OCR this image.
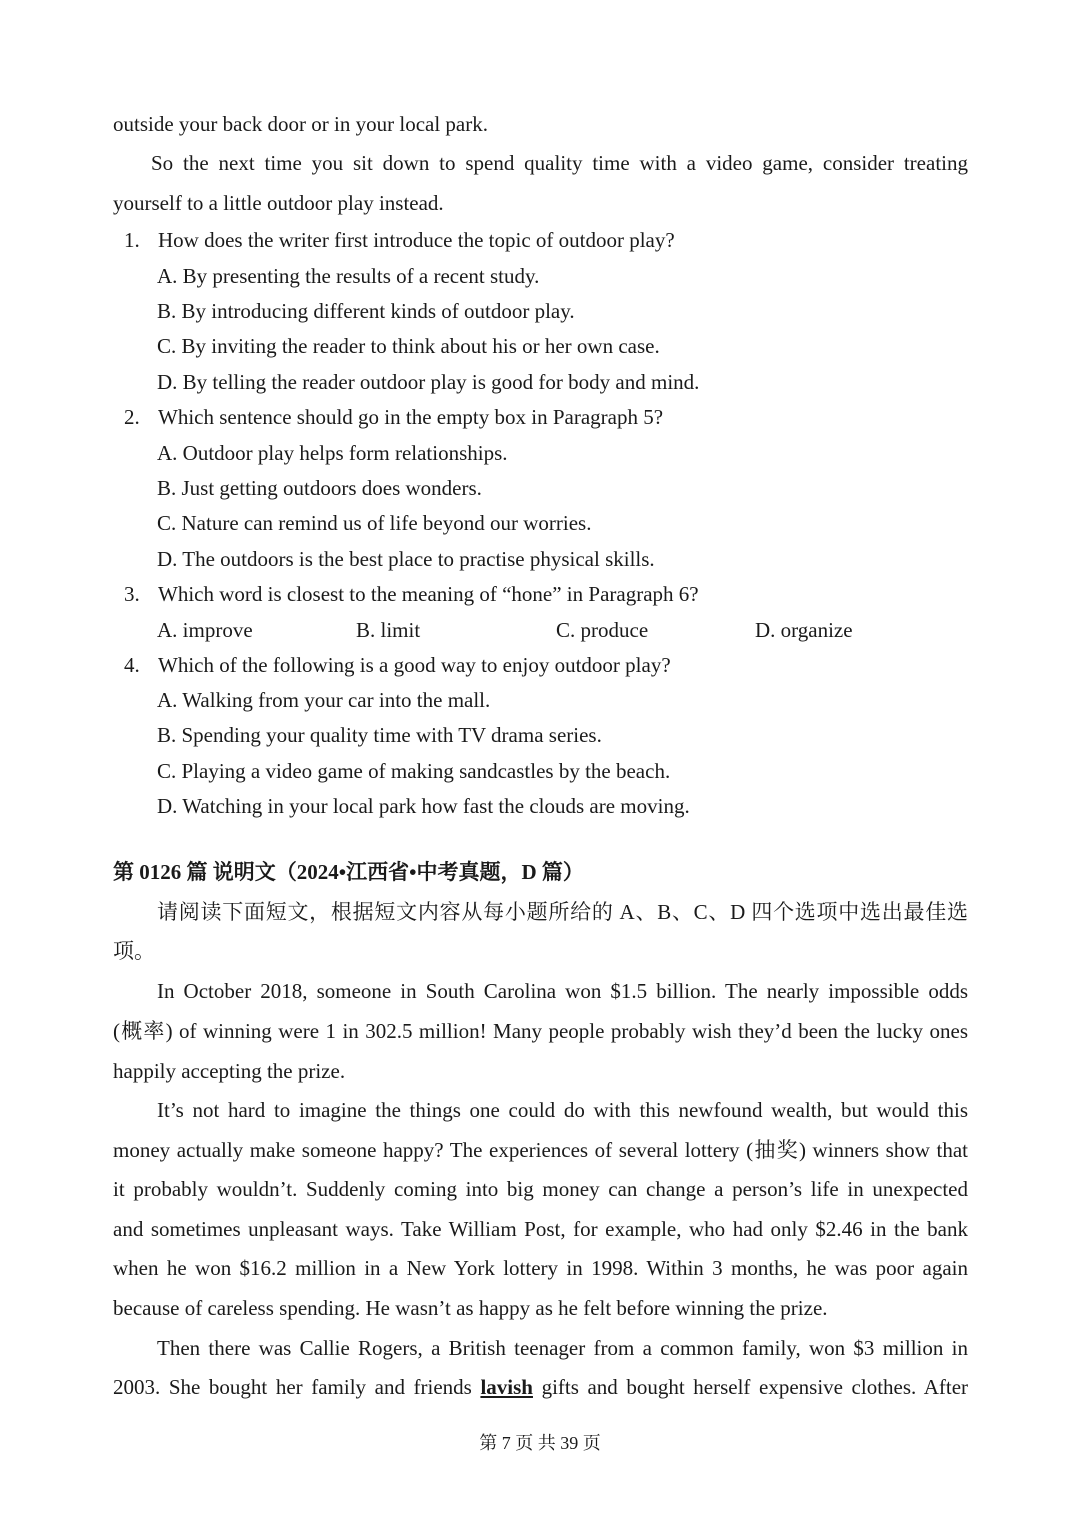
outside your back door or in your local park.
So the next time you sit down to spend quality time with a video game, consider treating
yourself to a little outdoor play instead.
1. How does the writer first introduce the topic of outdoor play?
A. By presenting the results of a recent study.
B. By introducing different kinds of outdoor play.
C. By inviting the reader to think about his or her own case.
D. By telling the reader outdoor play is good for body and mind.
2. Which sentence should go in the empty box in Paragraph 5?
A. Outdoor play helps form relationships.
B. Just getting outdoors does wonders.
C. Nature can remind us of life beyond our worries.
D. The outdoors is the best place to practise physical skills.
3. Which word is closest to the meaning of “hone” in Paragraph 6?
A. improve	B. limit	C. produce	D. organize
4. Which of the following is a good way to enjoy outdoor play?
A. Walking from your car into the mall.
B. Spending your quality time with TV drama series.
C. Playing a video game of making sandcastles by the beach.
D. Watching in your local park how fast the clouds are moving.
第 0126 篇 说明文（2024•江西省•中考真题，D 篇）
请阅读下面短文，根据短文内容从每小题所给的 A、B、C、D 四个选项中选出最佳选
项。
In October 2018, someone in South Carolina won $1.5 billion. The nearly impossible odds
(概率) of winning were 1 in 302.5 million! Many people probably wish they’d been the lucky ones
happily accepting the prize.
It’s not hard to imagine the things one could do with this newfound wealth, but would this
money actually make someone happy? The experiences of several lottery (抽奖) winners show that
it probably wouldn’t. Suddenly coming into big money can change a person’s life in unexpected
and sometimes unpleasant ways. Take William Post, for example, who had only $2.46 in the bank
when he won $16.2 million in a New York lottery in 1998. Within 3 months, he was poor again
because of careless spending. He wasn’t as happy as he felt before winning the prize.
Then there was Callie Rogers, a British teenager from a common family, won $3 million in
2003. She bought her family and friends lavish gifts and bought herself expensive clothes. After
第 7 页 共 39 页
